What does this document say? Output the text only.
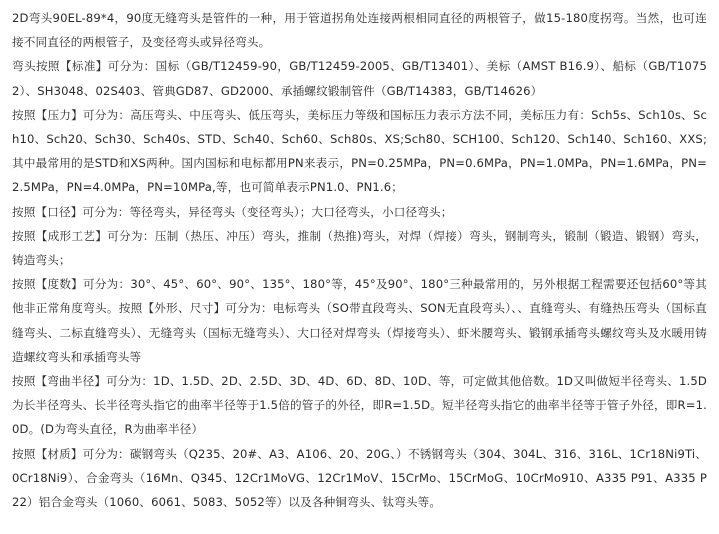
2D弯头90EL-89*4，90度无缝弯头是管件的一种，用于管道拐角处连接两根相同直径的两根管子，做15-180度拐弯。当然，也可连接不同直径的两根管子，及变径弯头或异径弯头。

弯头按照【标准】可分为：国标（GB/T12459-90，GB/T12459-2005、GB/T13401）、美标（AMST B16.9）、船标（GB/T10752）、SH3048、02S403、管典GD87、GD2000、承插螺纹锻制管件（GB/T14383，GB/T14626）

按照【压力】可分为：高压弯头、中压弯头、低压弯头，美标压力等级和国标压力表示方法不同，美标压力有：Sch5s、Sch10s、Sch10、Sch20、Sch30、Sch40s、STD、Sch40、Sch60、Sch80s、XS;Sch80、SCH100、Sch120、Sch140、Sch160、XXS;其中最常用的是STD和XS两种。国内国标和电标都用PN来表示，PN=0.25MPa，PN=0.6MPa，PN=1.0MPa，PN=1.6MPa，PN=2.5MPa，PN=4.0MPa，PN=10MPa,等，也可简单表示PN1.0、PN1.6；

按照【口径】可分为：等径弯头，异径弯头（变径弯头）；大口径弯头，小口径弯头；

按照【成形工艺】可分为：压制（热压、冲压）弯头，推制（热推)弯头，对焊（焊接）弯头，钢制弯头，锻制（锻造、锻钢）弯头，铸造弯头；

按照【度数】可分为：30°、45°、60°、90°、135°、180°等，45°及90°、180°三种最常用的，另外根据工程需要还包括60°等其他非正常角度弯头。按照【外形、尺寸】可分为：电标弯头（SO带直段弯头、SON无直段弯头）、、直缝弯头、有缝热压弯头（国标直缝弯头、二标直缝弯头）、无缝弯头（国标无缝弯头）、大口径对焊弯头（焊接弯头）、虾米腰弯头、锻钢承插弯头螺纹弯头及水暖用铸造螺纹弯头和承插弯头等

按照【弯曲半径】可分为：1D、1.5D、2D、2.5D、3D、4D、6D、8D、10D、等，可定做其他倍数。1D又叫做短半径弯头、1.5D为长半径弯头、长半径弯头指它的曲率半径等于1.5倍的管子的外径，即R=1.5D。短半径弯头指它的曲率半径等于管子外径，即R=1.0D。(D为弯头直径，R为曲率半径）

按照【材质】可分为：碳钢弯头（Q235、20#、A3、A106、20、20G、）不锈钢弯头（304、304L、316、316L、1Cr18Ni9Ti、0Cr18Ni9）、合金弯头（16Mn、Q345、12Cr1MoVG、12Cr1MoV、15CrMo、15CrMoG、10CrMo910、A335 P91、A335 P22）铝合金弯头（1060、6061、5083、5052等）以及各种铜弯头、钛弯头等。
